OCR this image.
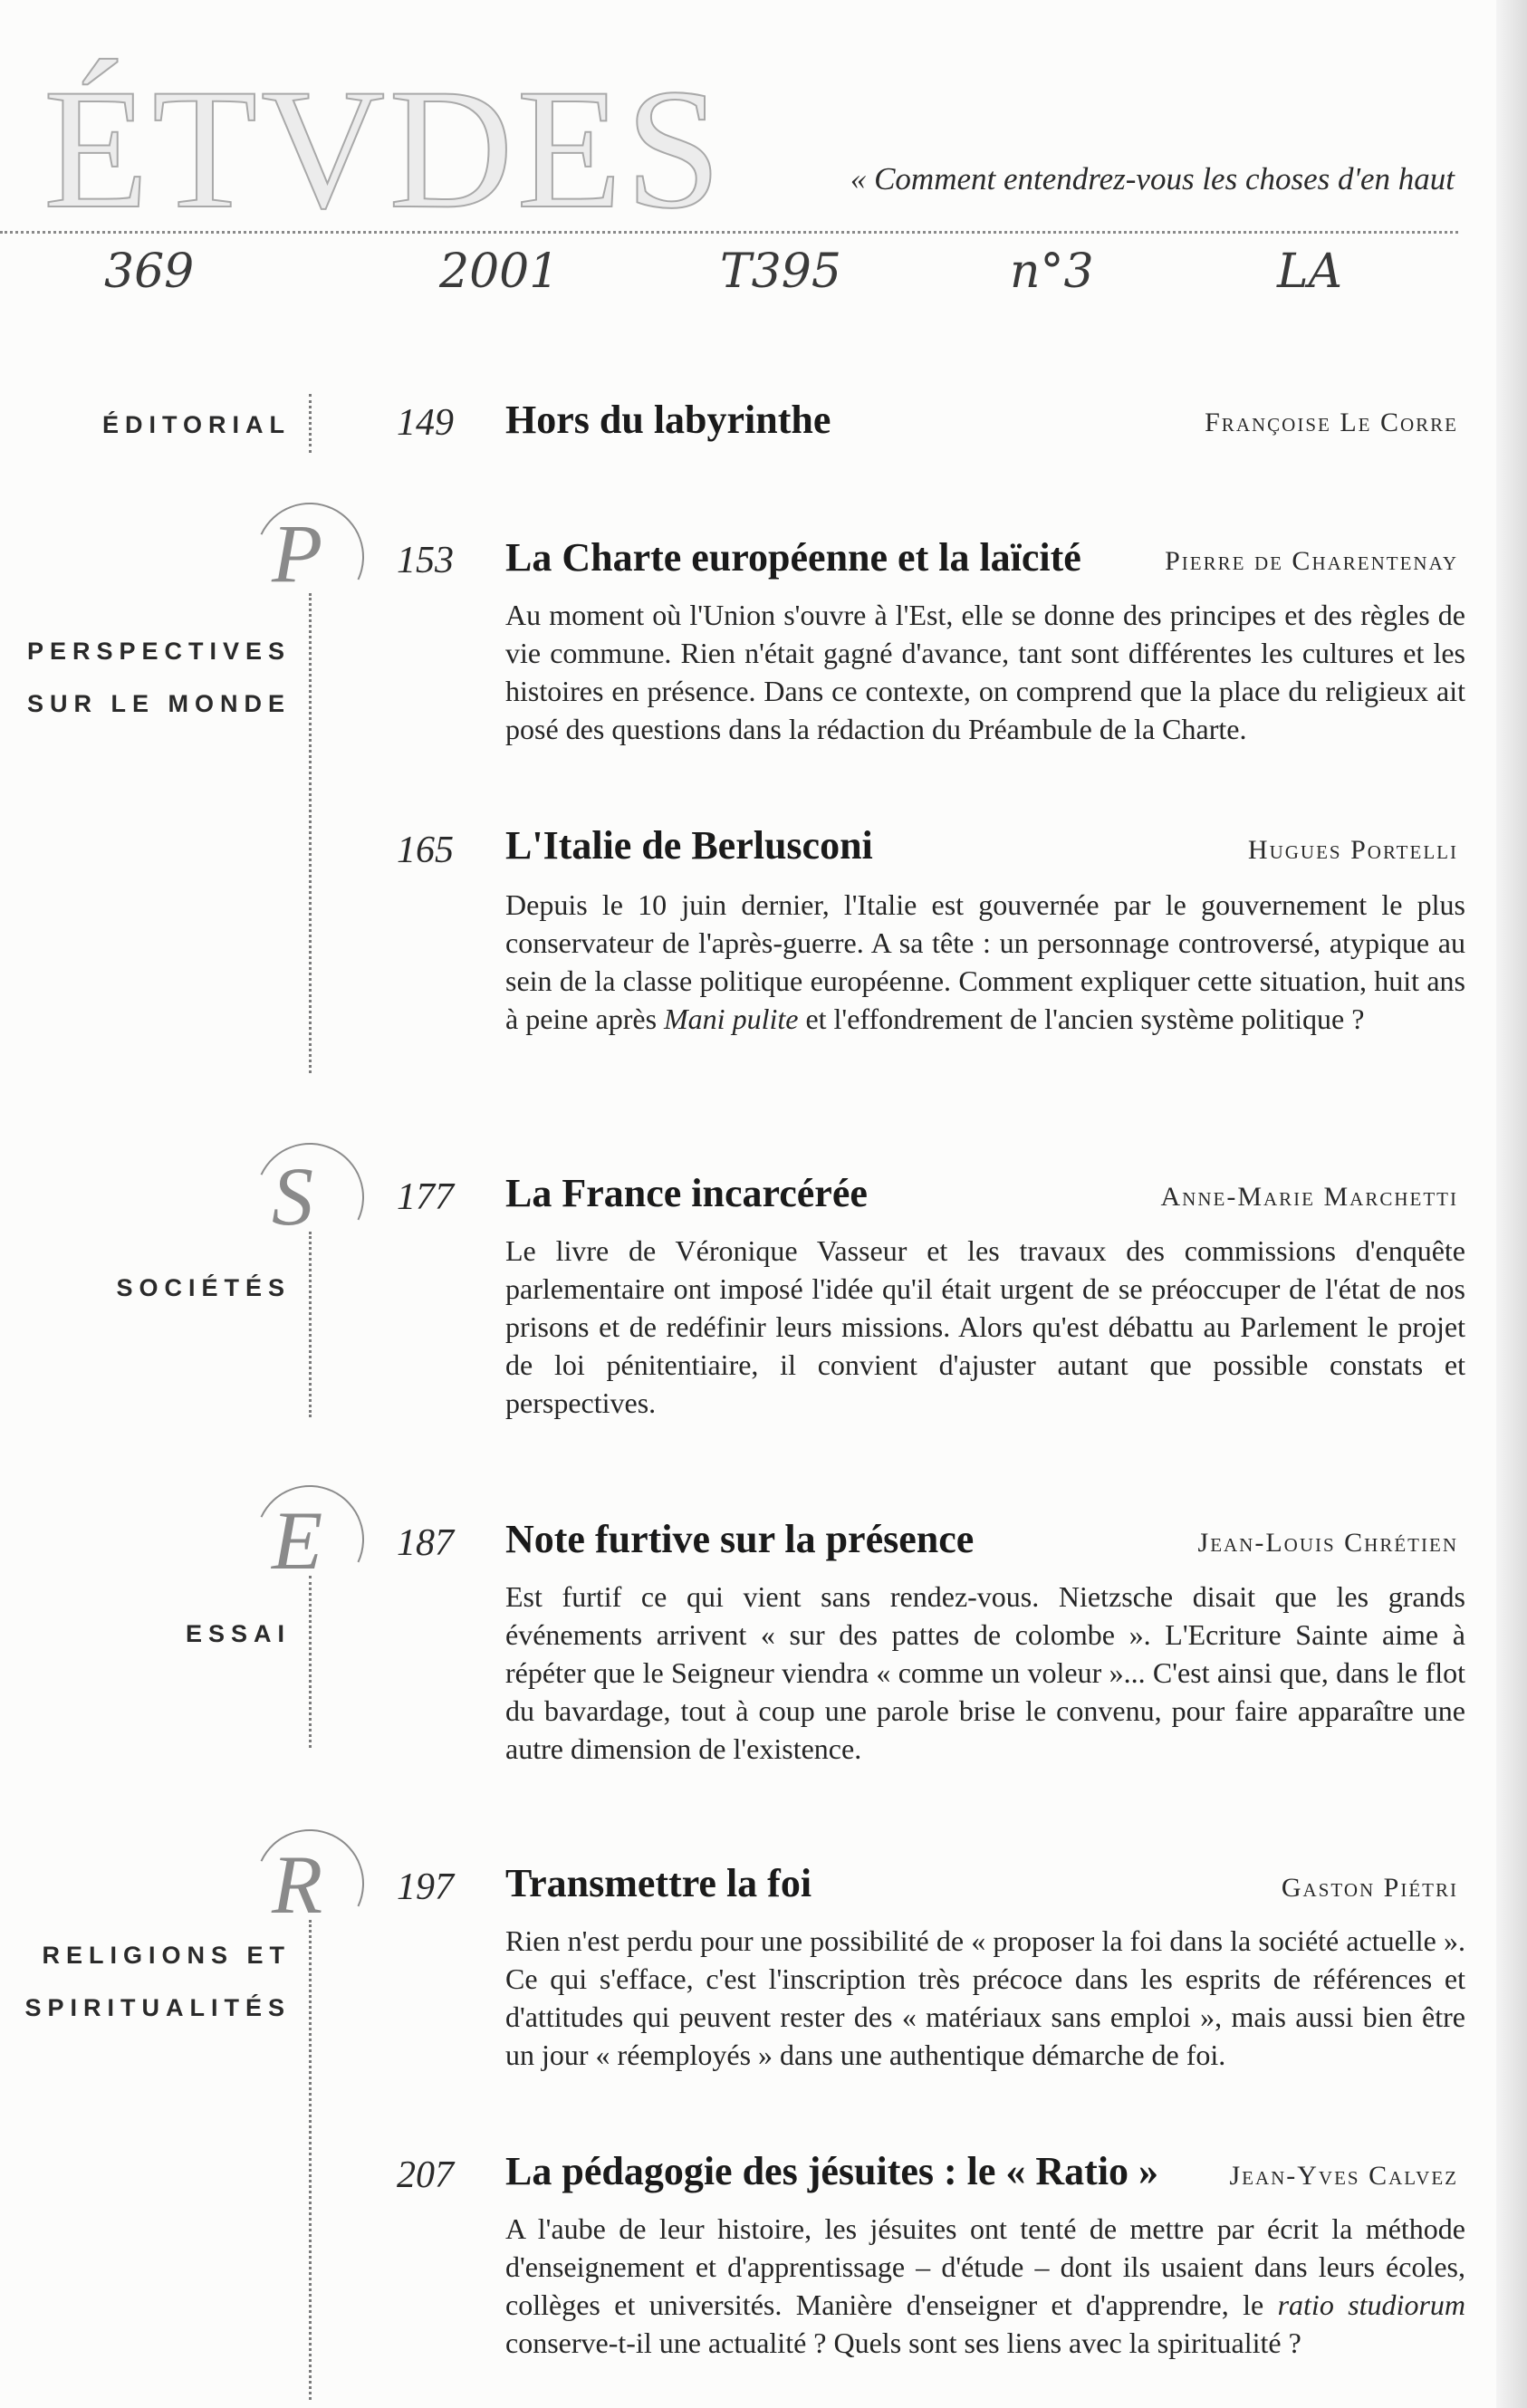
ÉTVDES	« Comment entendrez-vous les choses d'en haut
369	2001	T395	n°3	LA
ÉDITORIAL	149 Hors du labyrinthe	Françoise Le Corre
P
PERSPECTIVES
SUR LE MONDE
153 La Charte européenne et la laïcité	Pierre de Charentenay

Au moment où l'Union s'ouvre à l'Est, elle se donne des principes et des règles de vie commune. Rien n'était gagné d'avance, tant sont différentes les cultures et les histoires en présence. Dans ce contexte, on comprend que la place du religieux ait posé des questions dans la rédaction du Préambule de la Charte.

165 L'Italie de Berlusconi	Hugues Portelli

Depuis le 10 juin dernier, l'Italie est gouvernée par le gouvernement le plus conservateur de l'après-guerre. A sa tête : un personnage controversé, atypique au sein de la classe politique européenne. Comment expliquer cette situation, huit ans à peine après Mani pulite et l'effondrement de l'ancien système politique ?

S
SOCIÉTÉS
177 La France incarcérée	Anne-Marie Marchetti

Le livre de Véronique Vasseur et les travaux des commissions d'enquête parlementaire ont imposé l'idée qu'il était urgent de se préoccuper de l'état de nos prisons et de redéfinir leurs missions. Alors qu'est débattu au Parlement le projet de loi pénitentiaire, il convient d'ajuster autant que possible constats et perspectives.

E
ESSAI
187 Note furtive sur la présence	Jean-Louis Chrétien

Est furtif ce qui vient sans rendez-vous. Nietzsche disait que les grands événements arrivent « sur des pattes de colombe ». L'Ecriture Sainte aime à répéter que le Seigneur viendra « comme un voleur »... C'est ainsi que, dans le flot du bavardage, tout à coup une parole brise le convenu, pour faire apparaître une autre dimension de l'existence.

R
RELIGIONS ET
SPIRITUALITÉS
197 Transmettre la foi	Gaston Piétri

Rien n'est perdu pour une possibilité de « proposer la foi dans la société actuelle ». Ce qui s'efface, c'est l'inscription très précoce dans les esprits de références et d'attitudes qui peuvent rester des « matériaux sans emploi », mais aussi bien être un jour « réemployés » dans une authentique démarche de foi.

207 La pédagogie des jésuites : le « Ratio »	Jean-Yves Calvez

A l'aube de leur histoire, les jésuites ont tenté de mettre par écrit la méthode d'enseignement et d'apprentissage – d'étude – dont ils usaient dans leurs écoles, collèges et universités. Manière d'enseigner et d'apprendre, le ratio studiorum conserve-t-il une actualité ? Quels sont ses liens avec la spiritualité ?
